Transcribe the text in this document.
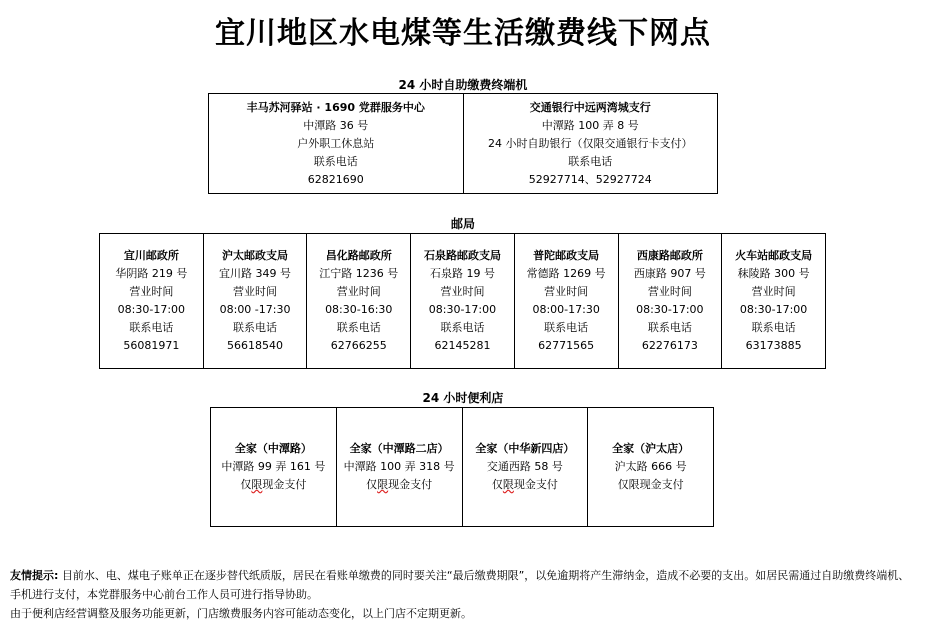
宜川地区水电煤等生活缴费线下网点
24 小时自助缴费终端机
丰马苏河驿站 · 1690 党群服务中心
中潭路 36 号
户外职工休息站
联系电话
62821690

交通银行中远两湾城支行
中潭路 100 弄 8 号
24 小时自助银行（仅限交通银行卡支付）
联系电话
52927714、52927724
邮局
宜川邮政所
华阴路 219 号
营业时间
08:30-17:00
联系电话
56081971

沪太邮政支局
宜川路 349 号
营业时间
08:00 -17:30
联系电话
56618540

昌化路邮政所
江宁路 1236 号
营业时间
08:30-16:30
联系电话
62766255

石泉路邮政支局
石泉路 19 号
营业时间
08:30-17:00
联系电话
62145281

普陀邮政支局
常德路 1269 号
营业时间
08:00-17:30
联系电话
62771565

西康路邮政所
西康路 907 号
营业时间
08:30-17:00
联系电话
62276173

火车站邮政支局
秣陵路 300 号
营业时间
08:30-17:00
联系电话
63173885
24 小时便利店
全家（中潭路）
中潭路 99 弄 161 号
仅限现金支付

全家（中潭路二店）
中潭路 100 弄 318 号
仅限现金支付

全家（中华新四店）
交通西路 58 号
仅限现金支付

全家（沪太店）
沪太路 666 号
仅限现金支付
友情提示: 目前水、电、煤电子账单正在逐步替代纸质版，居民在看账单缴费的同时要关注“最后缴费期限”，以免逾期将产生滞纳金，造成不必要的支出。如居民需通过自助缴费终端机、手机进行支付，本党群服务中心前台工作人员可进行指导协助。
由于便利店经营调整及服务功能更新，门店缴费服务内容可能动态变化，以上门店不定期更新。
